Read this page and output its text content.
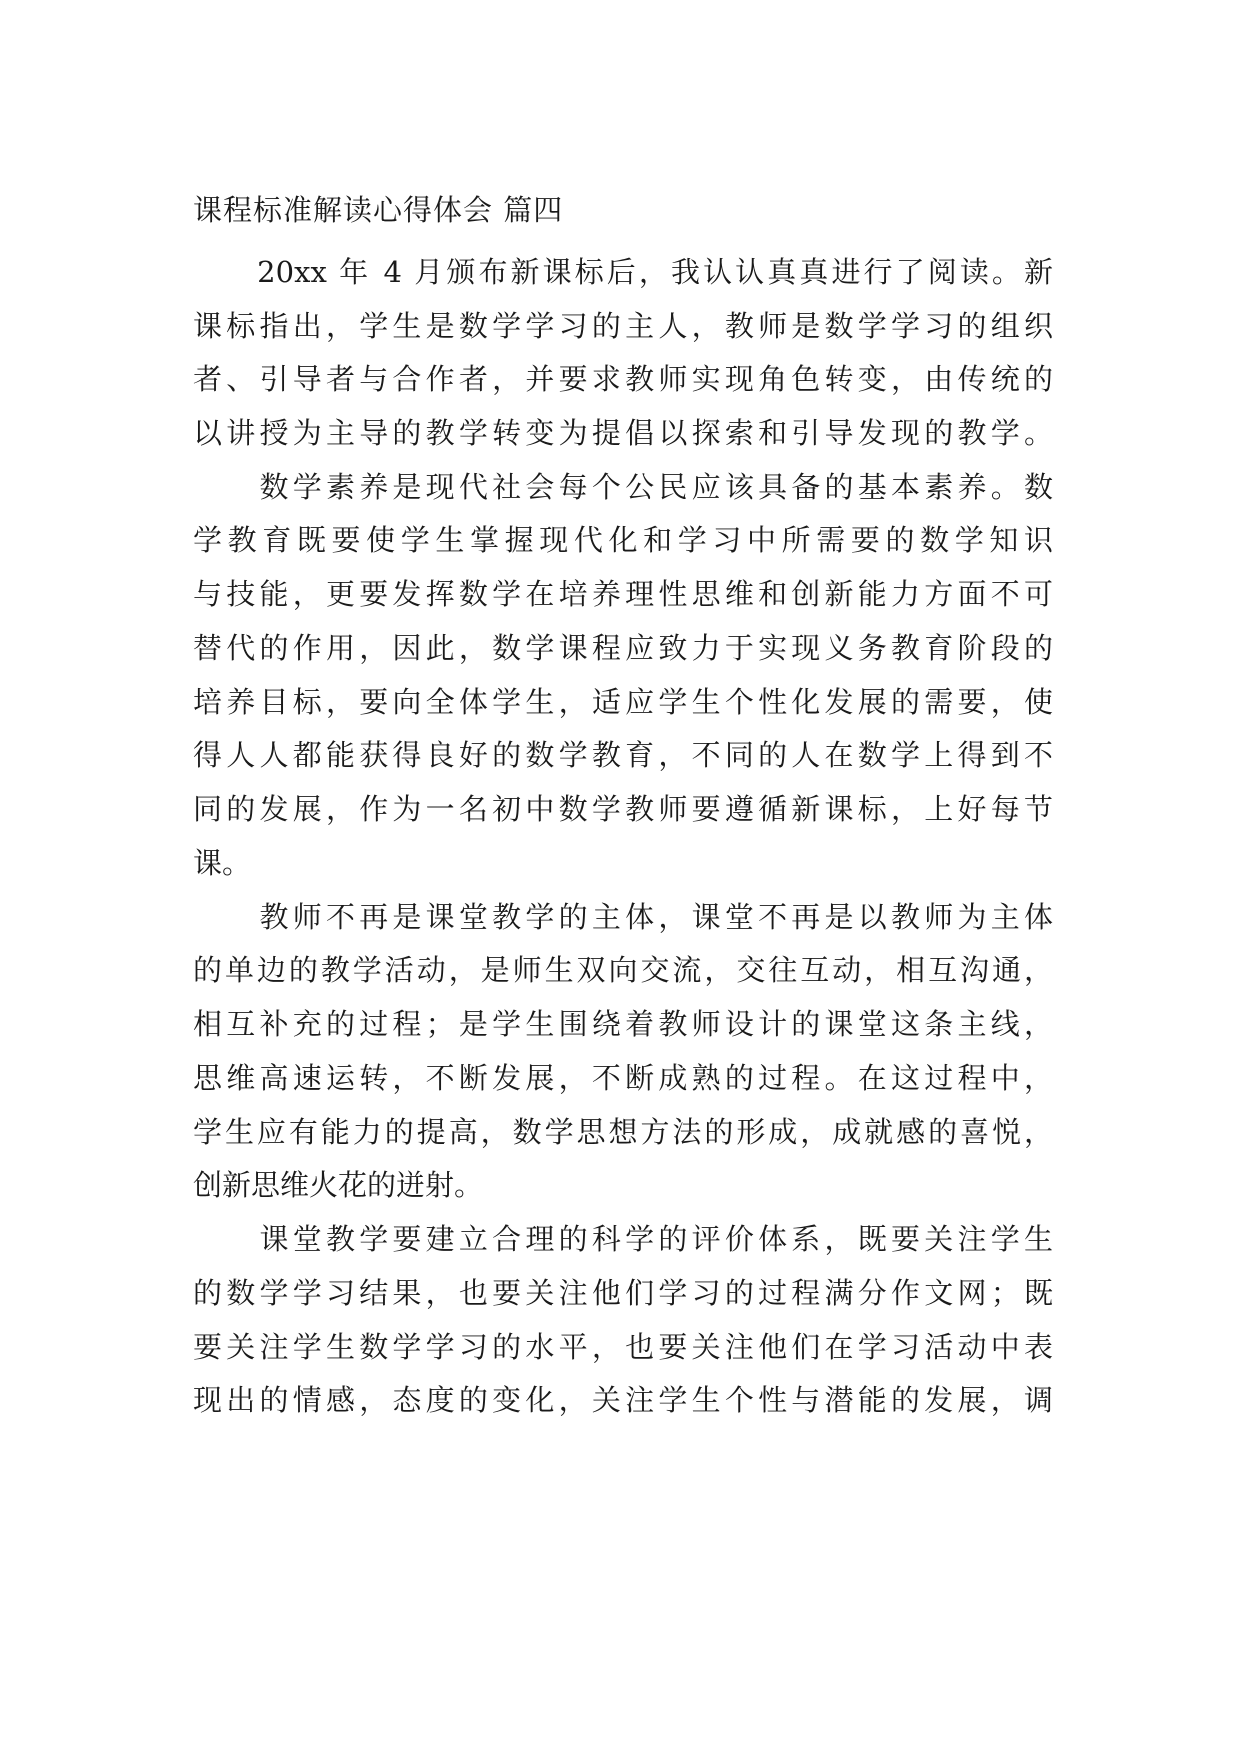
课程标准解读心得体会 篇四
　　20xx 年 4 月颁布新课标后，我认认真真进行了阅读。新
课标指出，学生是数学学习的主人，教师是数学学习的组织
者、引导者与合作者，并要求教师实现角色转变，由传统的
以讲授为主导的教学转变为提倡以探索和引导发现的教学。
　　数学素养是现代社会每个公民应该具备的基本素养。数
学教育既要使学生掌握现代化和学习中所需要的数学知识
与技能，更要发挥数学在培养理性思维和创新能力方面不可
替代的作用，因此，数学课程应致力于实现义务教育阶段的
培养目标，要向全体学生，适应学生个性化发展的需要，使
得人人都能获得良好的数学教育，不同的人在数学上得到不
同的发展，作为一名初中数学教师要遵循新课标，上好每节
课。
　　教师不再是课堂教学的主体，课堂不再是以教师为主体
的单边的教学活动，是师生双向交流，交往互动，相互沟通，
相互补充的过程；是学生围绕着教师设计的课堂这条主线，
思维高速运转，不断发展，不断成熟的过程。在这过程中，
学生应有能力的提高，数学思想方法的形成，成就感的喜悦，
创新思维火花的迸射。
　　课堂教学要建立合理的科学的评价体系，既要关注学生
的数学学习结果，也要关注他们学习的过程满分作文网；既
要关注学生数学学习的水平，也要关注他们在学习活动中表
现出的情感，态度的变化，关注学生个性与潜能的发展，调
